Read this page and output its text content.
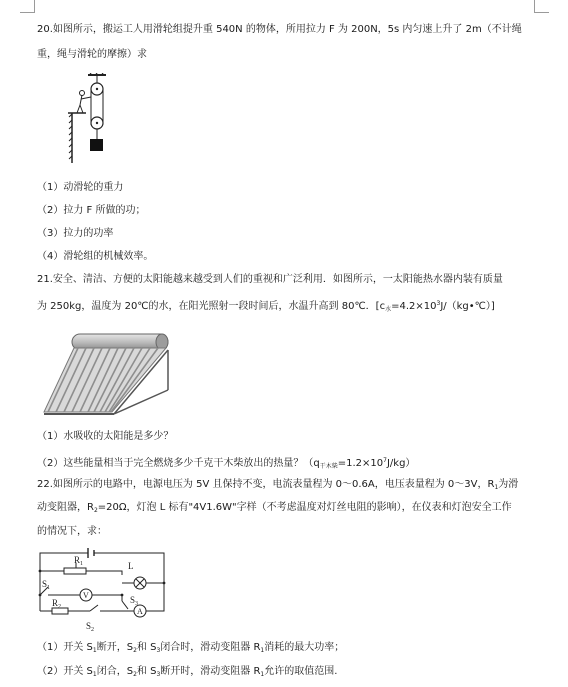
20.如图所示，搬运工人用滑轮组提升重 540N 的物体，所用拉力 F 为 200N，5s 内匀速上升了 2m（不计绳
重，绳与滑轮的摩擦）求
（1）动滑轮的重力
（2）拉力 F 所做的功；
（3）拉力的功率
（4）滑轮组的机械效率。
21.安全、清洁、方便的太阳能越来越受到人们的重视和广泛利用．如图所示，一太阳能热水器内装有质量
为 250kg，温度为 20℃的水，在阳光照射一段时间后，水温升高到 80℃．$[c_水=4.2\times 10^3J/(kg•℃)]$
（1）水吸收的太阳能是多少？
（2）这些能量相当于完全燃烧多少千克干木柴放出的热量？$(q_{干木柴}=1.2\times 10^7J/kg)$
22.如图所示的电路中，电源电压为 5V 且保持不变，电流表量程为 0～0.6A，电压表量程为 0～3V，$R_1$为滑
动变阻器，$R_2=20\Omega$，灯泡 L 标有"4V1.6W"字样（不考虑温度对灯丝电阻的影响），在仪表和灯泡安全工作
的情况下，求：
$R_1$	L
$S_1$
V	$S_3$
$R_2$	A
$S_2$
（1）开关 $S_1$断开，$S_2$和 $S_3$闭合时，滑动变阻器 $R_1$消耗的最大功率；
（2）开关 $S_1$闭合，$S_2$和 $S_3$断开时，滑动变阻器 $R_1$允许的取值范围.
